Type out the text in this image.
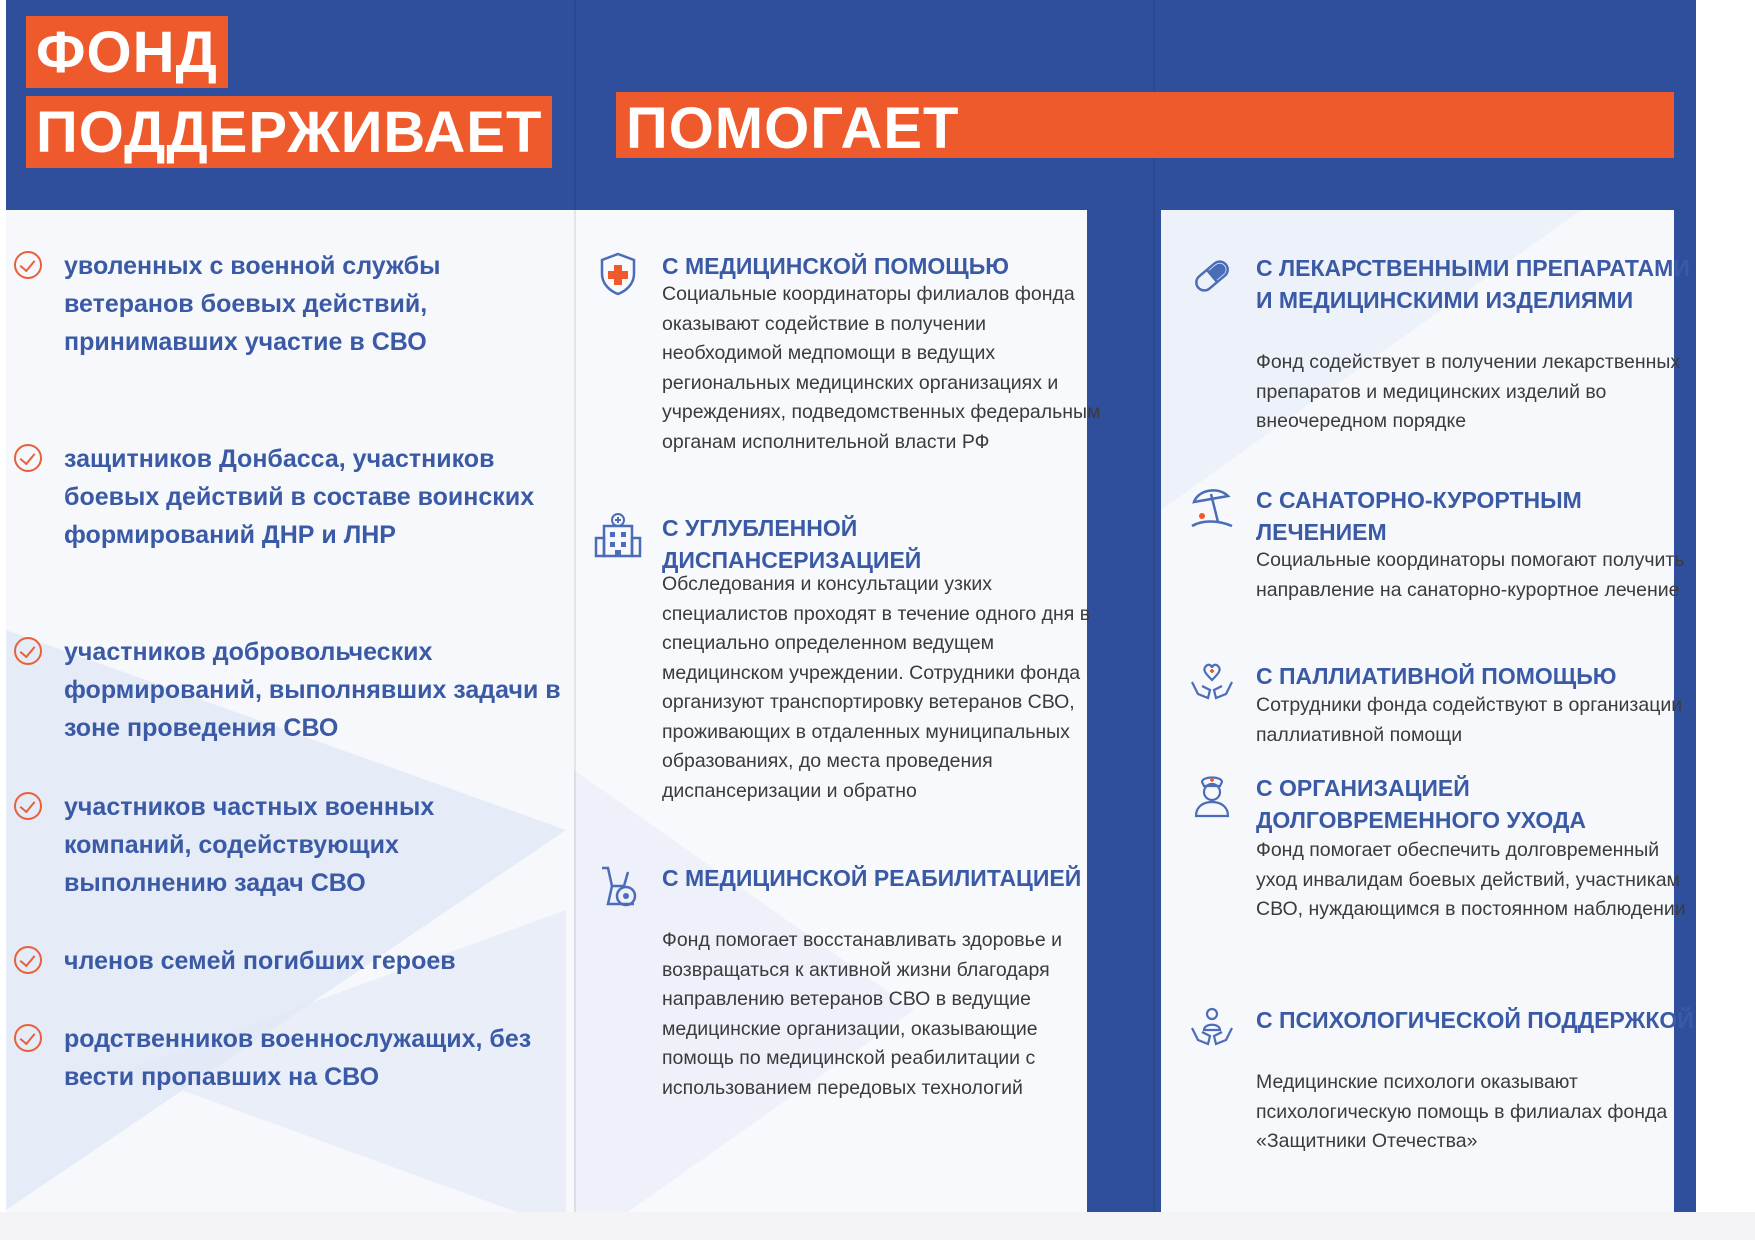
ФОНД
ПОДДЕРЖИВАЕТ ПОМОГАЕТ
уволенных с военной службы ветеранов боевых действий, принимавших участие в СВО
защитников Донбасса, участников боевых действий в составе воинских формирований ДНР и ЛНР
участников добровольческих формирований, выполнявших задачи в зоне проведения СВО
участников частных военных компаний, содействующих выполнению задач СВО
членов семей погибших героев
родственников военнослужащих, без вести пропавших на СВО
С МЕДИЦИНСКОЙ ПОМОЩЬЮ
Социальные координаторы филиалов фонда оказывают содействие в получении необходимой медпомощи в ведущих региональных медицинских организациях и учреждениях, подведомственных федеральным органам исполнительной власти РФ
С УГЛУБЛЕННОЙ ДИСПАНСЕРИЗАЦИЕЙ
Обследования и консультации узких специалистов проходят в течение одного дня в специально определенном ведущем медицинском учреждении. Сотрудники фонда организуют транспортировку ветеранов СВО, проживающих в отдаленных муниципальных образованиях, до места проведения диспансеризации и обратно
С МЕДИЦИНСКОЙ РЕАБИЛИТАЦИЕЙ
Фонд помогает восстанавливать здоровье и возвращаться к активной жизни благодаря направлению ветеранов СВО в ведущие медицинские организации, оказывающие помощь по медицинской реабилитации с использованием передовых технологий
С ЛЕКАРСТВЕННЫМИ ПРЕПАРАТАМИ И МЕДИЦИНСКИМИ ИЗДЕЛИЯМИ
Фонд содействует в получении лекарственных препаратов и медицинских изделий во внеочередном порядке
С САНАТОРНО-КУРОРТНЫМ ЛЕЧЕНИЕМ
Социальные координаторы помогают получить направление на санаторно-курортное лечение
С ПАЛЛИАТИВНОЙ ПОМОЩЬЮ
Сотрудники фонда содействуют в организации паллиативной помощи
С ОРГАНИЗАЦИЕЙ ДОЛГОВРЕМЕННОГО УХОДА
Фонд помогает обеспечить долговременный уход инвалидам боевых действий, участникам СВО, нуждающимся в постоянном наблюдении
С ПСИХОЛОГИЧЕСКОЙ ПОДДЕРЖКОЙ
Медицинские психологи оказывают психологическую помощь в филиалах фонда «Защитники Отечества»
